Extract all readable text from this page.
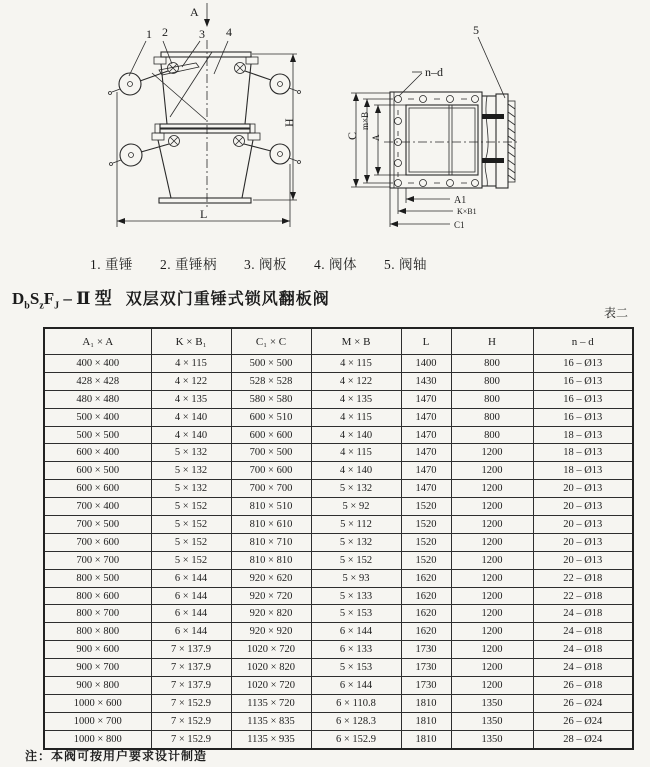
A
1 2	3 4
H
L
5
n–d
C
m×B
A
A1
K×B1
C1
1. 重锤 2. 重锤柄 3. 阀板 4. 阀体 5. 阀轴
$D_bS_zF_J$ – Ⅱ 型 双层双门重锤式锁风翻板阀
表二
A₁ × A	K × B₁	C₁ × C	M × B	L	H	n – d
400 × 400	4 × 115	500 × 500	4 × 115	1400	800	16 – Ø13
428 × 428	4 × 122	528 × 528	4 × 122	1430	800	16 – Ø13
480 × 480	4 × 135	580 × 580	4 × 135	1470	800	16 – Ø13
500 × 400	4 × 140	600 × 510	4 × 115	1470	800	16 – Ø13
500 × 500	4 × 140	600 × 600	4 × 140	1470	800	18 – Ø13
600 × 400	5 × 132	700 × 500	4 × 115	1470	1200	18 – Ø13
600 × 500	5 × 132	700 × 600	4 × 140	1470	1200	18 – Ø13
600 × 600	5 × 132	700 × 700	5 × 132	1470	1200	20 – Ø13
700 × 400	5 × 152	810 × 510	5 × 92	1520	1200	20 – Ø13
700 × 500	5 × 152	810 × 610	5 × 112	1520	1200	20 – Ø13
700 × 600	5 × 152	810 × 710	5 × 132	1520	1200	20 – Ø13
700 × 700	5 × 152	810 × 810	5 × 152	1520	1200	20 – Ø13
800 × 500	6 × 144	920 × 620	5 × 93	1620	1200	22 – Ø18
800 × 600	6 × 144	920 × 720	5 × 133	1620	1200	22 – Ø18
800 × 700	6 × 144	920 × 820	5 × 153	1620	1200	24 – Ø18
800 × 800	6 × 144	920 × 920	6 × 144	1620	1200	24 – Ø18
900 × 600	7 × 137.9	1020 × 720	6 × 133	1730	1200	24 – Ø18
900 × 700	7 × 137.9	1020 × 820	5 × 153	1730	1200	24 – Ø18
900 × 800	7 × 137.9	1020 × 720	6 × 144	1730	1200	26 – Ø18
1000 × 600	7 × 152.9	1135 × 720	6 × 110.8	1810	1350	26 – Ø24
1000 × 700	7 × 152.9	1135 × 835	6 × 128.3	1810	1350	26 – Ø24
1000 × 800	7 × 152.9	1135 × 935	6 × 152.9	1810	1350	28 – Ø24
注：本阀可按用户要求设计制造
